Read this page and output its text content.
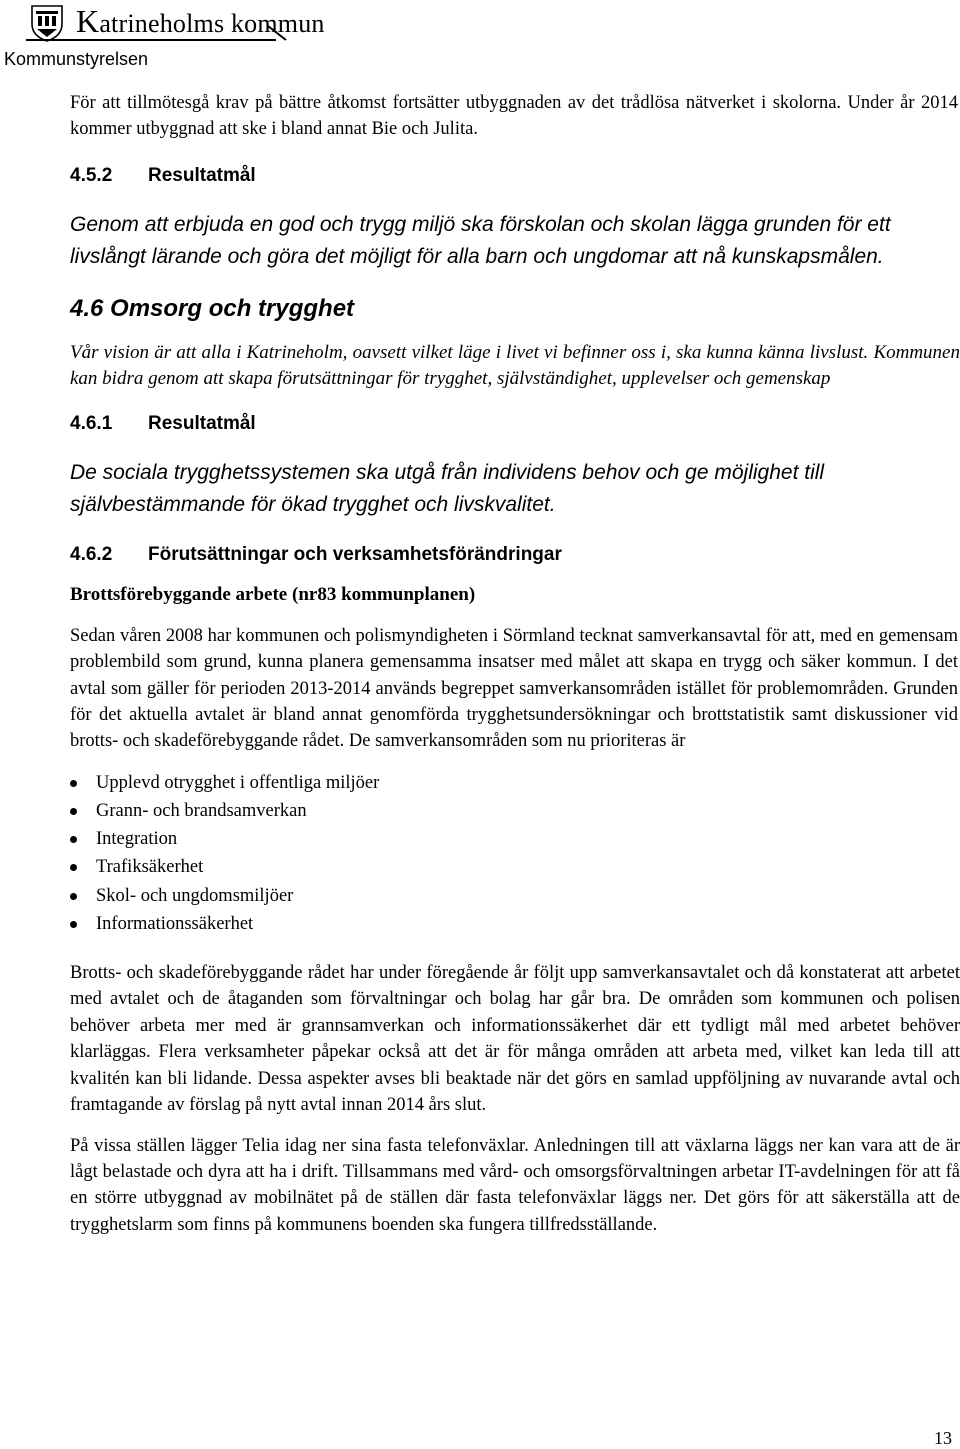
Katrineholms kommun
Kommunstyrelsen

För att tillmötesgå krav på bättre åtkomst fortsätter utbyggnaden av det trådlösa nätverket i skolorna. Under år 2014 kommer utbyggnad att ske i bland annat Bie och Julita.

4.5.2 Resultatmål

Genom att erbjuda en god och trygg miljö ska förskolan och skolan lägga grunden för ett livslångt lärande och göra det möjligt för alla barn och ungdomar att nå kunskapsmålen.

4.6 Omsorg och trygghet

Vår vision är att alla i Katrineholm, oavsett vilket läge i livet vi befinner oss i, ska kunna känna livslust. Kommunen kan bidra genom att skapa förutsättningar för trygghet, självständighet, upplevelser och gemenskap

4.6.1 Resultatmål

De sociala trygghetssystemen ska utgå från individens behov och ge möjlighet till självbestämmande för ökad trygghet och livskvalitet.

4.6.2 Förutsättningar och verksamhetsförändringar

Brottsförebyggande arbete (nr83 kommunplanen)

Sedan våren 2008 har kommunen och polismyndigheten i Sörmland tecknat samverkansavtal för att, med en gemensam problembild som grund, kunna planera gemensamma insatser med målet att skapa en trygg och säker kommun. I det avtal som gäller för perioden 2013-2014 används begreppet samverkansområden istället för problemområden. Grunden för det aktuella avtalet är bland annat genomförda trygghetsundersökningar och brottstatistik samt diskussioner vid brotts- och skadeförebyggande rådet. De samverkansområden som nu prioriteras är

Upplevd otrygghet i offentliga miljöer
Grann- och brandsamverkan
Integration
Trafiksäkerhet
Skol- och ungdomsmiljöer
Informationssäkerhet

Brotts- och skadeförebyggande rådet har under föregående år följt upp samverkansavtalet och då konstaterat att arbetet med avtalet och de åtaganden som förvaltningar och bolag har går bra. De områden som kommunen och polisen behöver arbeta mer med är grannsamverkan och informationssäkerhet där ett tydligt mål med arbetet behöver klarläggas. Flera verksamheter påpekar också att det är för många områden att arbeta med, vilket kan leda till att kvalitén kan bli lidande. Dessa aspekter avses bli beaktade när det görs en samlad uppföljning av nuvarande avtal och framtagande av förslag på nytt avtal innan 2014 års slut.

På vissa ställen lägger Telia idag ner sina fasta telefonväxlar. Anledningen till att växlarna läggs ner kan vara att de är lågt belastade och dyra att ha i drift. Tillsammans med vård- och omsorgsförvaltningen arbetar IT-avdelningen för att få en större utbyggnad av mobilnätet på de ställen där fasta telefonväxlar läggs ner. Det görs för att säkerställa att de trygghetslarm som finns på kommunens boenden ska fungera tillfredsställande.

13
